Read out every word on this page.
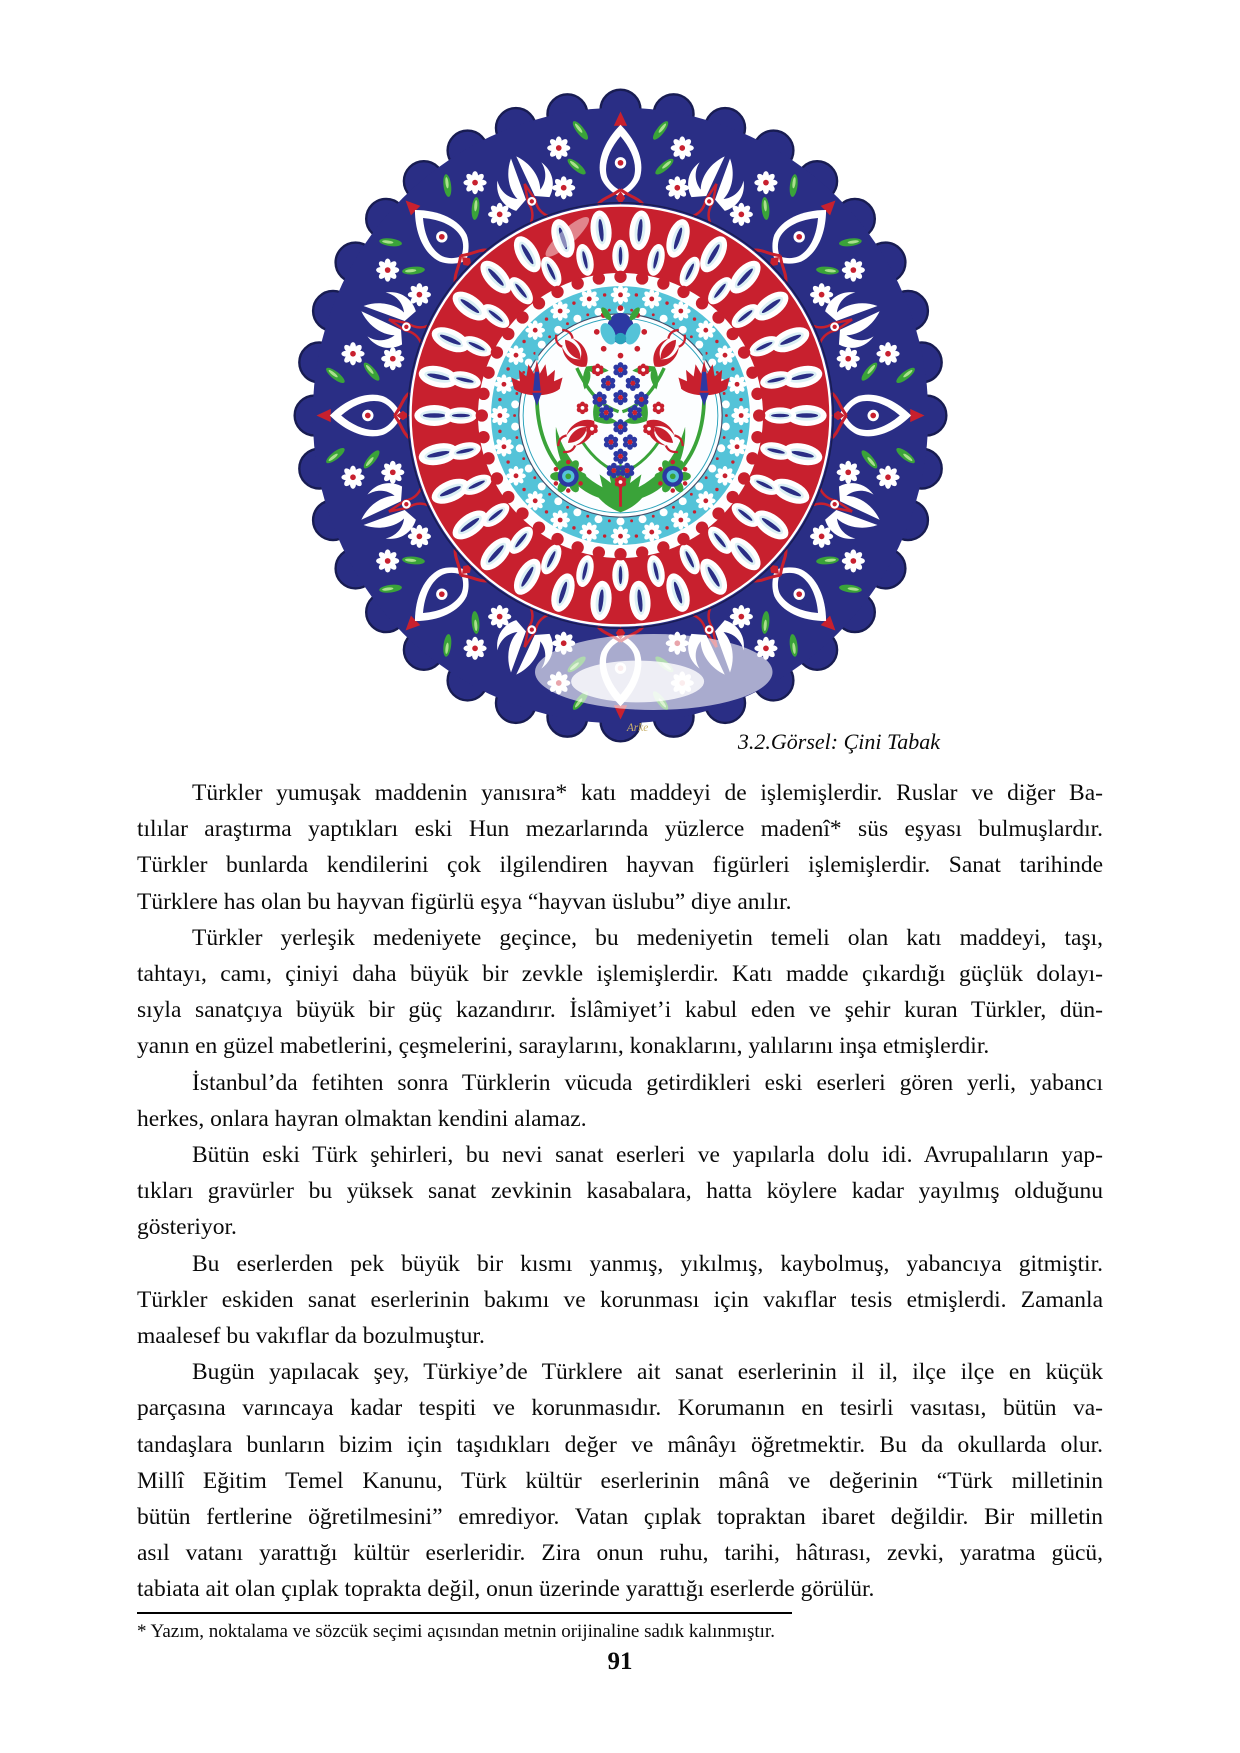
Arke
3.2.Görsel: Çini Tabak
Türkler yumuşak maddenin yanısıra* katı maddeyi de işlemişlerdir. Ruslar ve diğer Ba-
tılılar araştırma yaptıkları eski Hun mezarlarında yüzlerce madenî* süs eşyası bulmuşlardır.
Türkler bunlarda kendilerini çok ilgilendiren hayvan figürleri işlemişlerdir. Sanat tarihinde
Türklere has olan bu hayvan figürlü eşya “hayvan üslubu” diye anılır.
Türkler yerleşik medeniyete geçince, bu medeniyetin temeli olan katı maddeyi, taşı,
tahtayı, camı, çiniyi daha büyük bir zevkle işlemişlerdir. Katı madde çıkardığı güçlük dolayı-
sıyla sanatçıya büyük bir güç kazandırır. İslâmiyet’i kabul eden ve şehir kuran Türkler, dün-
yanın en güzel mabetlerini, çeşmelerini, saraylarını, konaklarını, yalılarını inşa etmişlerdir.
İstanbul’da fetihten sonra Türklerin vücuda getirdikleri eski eserleri gören yerli, yabancı
herkes, onlara hayran olmaktan kendini alamaz.
Bütün eski Türk şehirleri, bu nevi sanat eserleri ve yapılarla dolu idi. Avrupalıların yap-
tıkları gravürler bu yüksek sanat zevkinin kasabalara, hatta köylere kadar yayılmış olduğunu
gösteriyor.
Bu eserlerden pek büyük bir kısmı yanmış, yıkılmış, kaybolmuş, yabancıya gitmiştir.
Türkler eskiden sanat eserlerinin bakımı ve korunması için vakıflar tesis etmişlerdi. Zamanla
maalesef bu vakıflar da bozulmuştur.
Bugün yapılacak şey, Türkiye’de Türklere ait sanat eserlerinin il il, ilçe ilçe en küçük
parçasına varıncaya kadar tespiti ve korunmasıdır. Korumanın en tesirli vasıtası, bütün va-
tandaşlara bunların bizim için taşıdıkları değer ve mânâyı öğretmektir. Bu da okullarda olur.
Millî Eğitim Temel Kanunu, Türk kültür eserlerinin mânâ ve değerinin “Türk milletinin
bütün fertlerine öğretilmesini” emrediyor. Vatan çıplak topraktan ibaret değildir. Bir milletin
asıl vatanı yarattığı kültür eserleridir. Zira onun ruhu, tarihi, hâtırası, zevki, yaratma gücü,
tabiata ait olan çıplak toprakta değil, onun üzerinde yarattığı eserlerde görülür.
* Yazım, noktalama ve sözcük seçimi açısından metnin orijinaline sadık kalınmıştır.
91
